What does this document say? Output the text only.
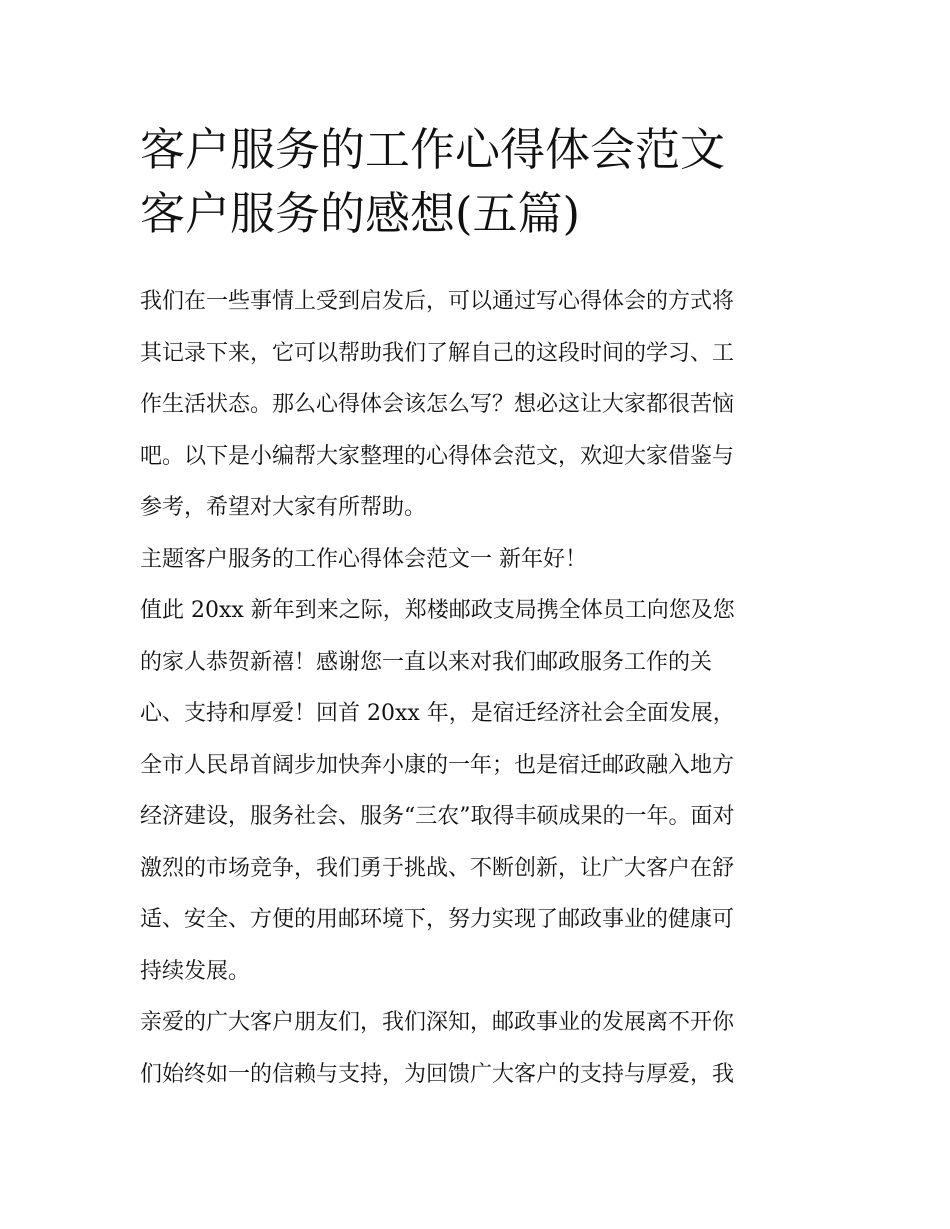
客户服务的工作心得体会范文
客户服务的感想(五篇)

我们在一些事情上受到启发后，可以通过写心得体会的方式将
其记录下来，它可以帮助我们了解自己的这段时间的学习、工
作生活状态。那么心得体会该怎么写？想必这让大家都很苦恼
吧。以下是小编帮大家整理的心得体会范文，欢迎大家借鉴与
参考，希望对大家有所帮助。

主题客户服务的工作心得体会范文一 新年好！

值此 20xx 新年到来之际，郑楼邮政支局携全体员工向您及您
的家人恭贺新禧！感谢您一直以来对我们邮政服务工作的关
心、支持和厚爱！回首 20xx 年，是宿迁经济社会全面发展，
全市人民昂首阔步加快奔小康的一年；也是宿迁邮政融入地方
经济建设，服务社会、服务“三农”取得丰硕成果的一年。面对
激烈的市场竞争，我们勇于挑战、不断创新，让广大客户在舒
适、安全、方便的用邮环境下，努力实现了邮政事业的健康可
持续发展。

亲爱的广大客户朋友们，我们深知，邮政事业的发展离不开你
们始终如一的信赖与支持，为回馈广大客户的支持与厚爱，我
